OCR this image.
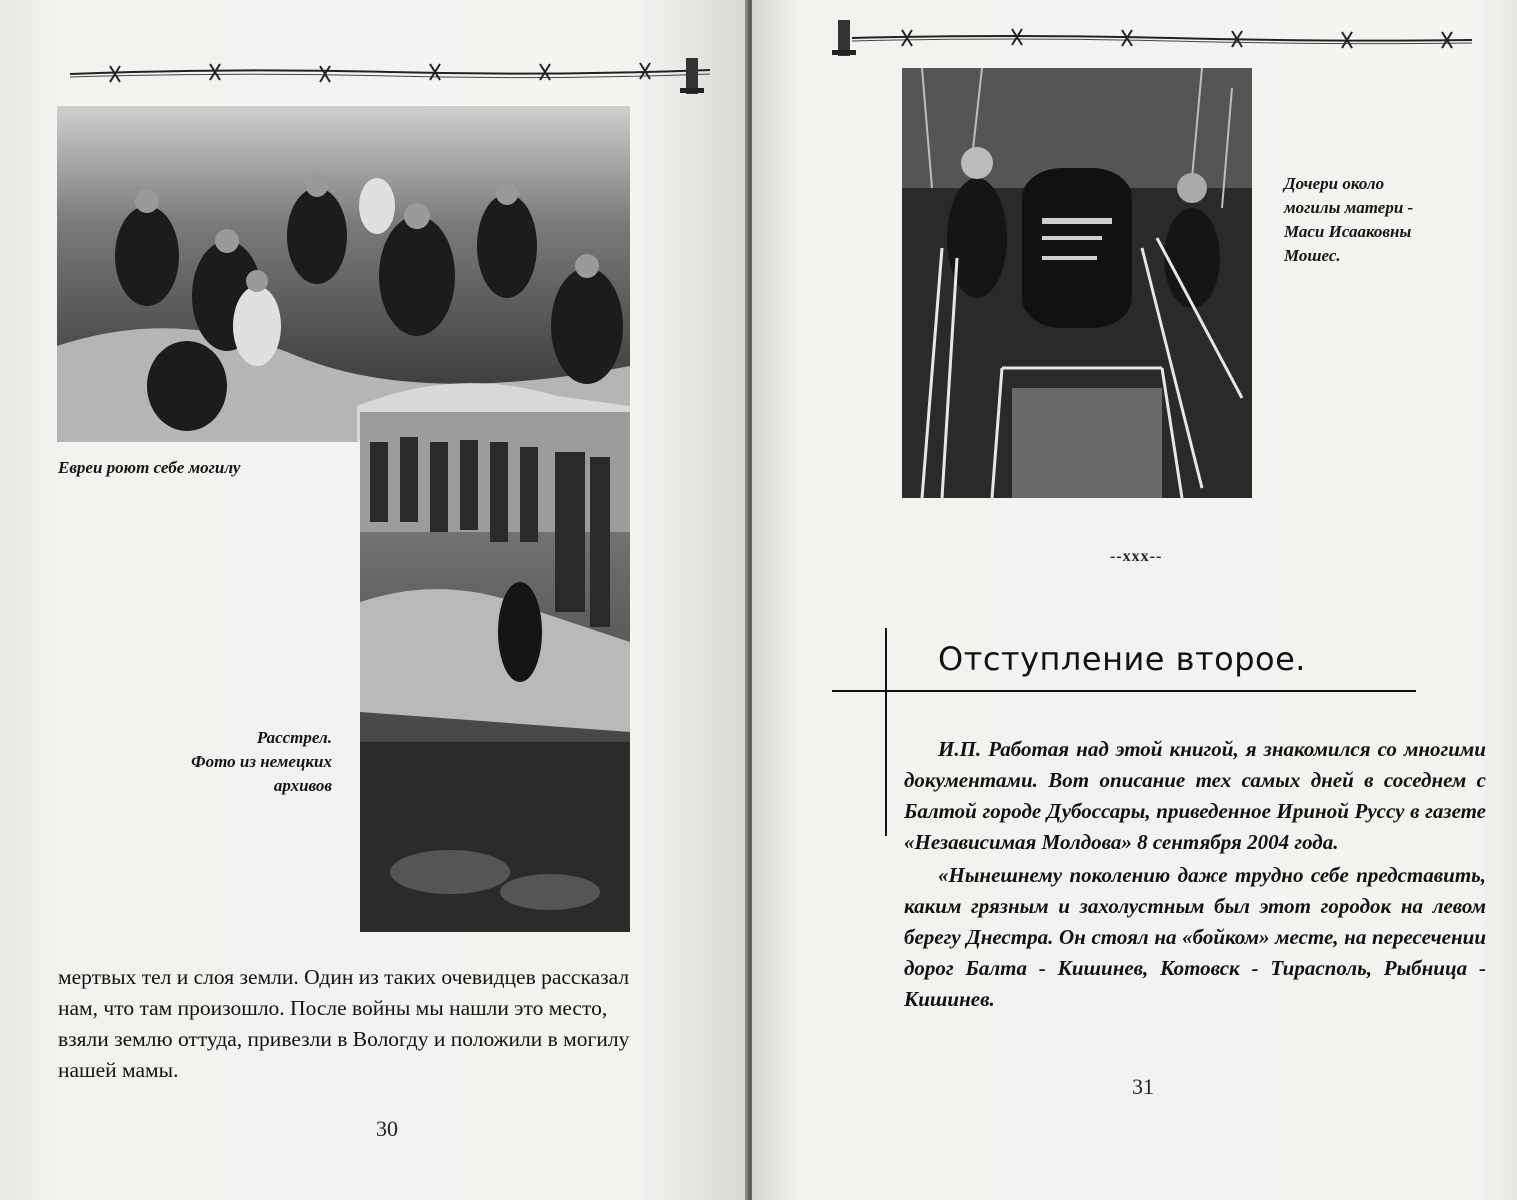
Евреи роют себе могилу
Расстрел.
Фото из немецких
архивов

мертвых тел и слоя земли. Один из таких очевидцев рассказал

нам, что там произошло. После войны мы нашли это место,

взяли землю оттуда, привезли в Вологду и положили в могилу

нашей мамы.

30
Дочери около
могилы матери -
Маси Исааковны
Мошес.
--ххх--
Отступление второе.

И.П. Работая над этой книгой, я знакомился со многими документами. Вот описание тех самых дней в соседнем с Балтой городе Дубоссары, приведенное Ириной Руссу в газете «Независимая Молдова» 8 сентября 2004 года.

«Нынешнему поколению даже трудно себе представить, каким грязным и захолустным был этот городок на левом берегу Днестра. Он стоял на «бойком» месте, на пересечении дорог Балта - Кишинев, Котовск - Тирасполь, Рыбница - Кишинев.

31
